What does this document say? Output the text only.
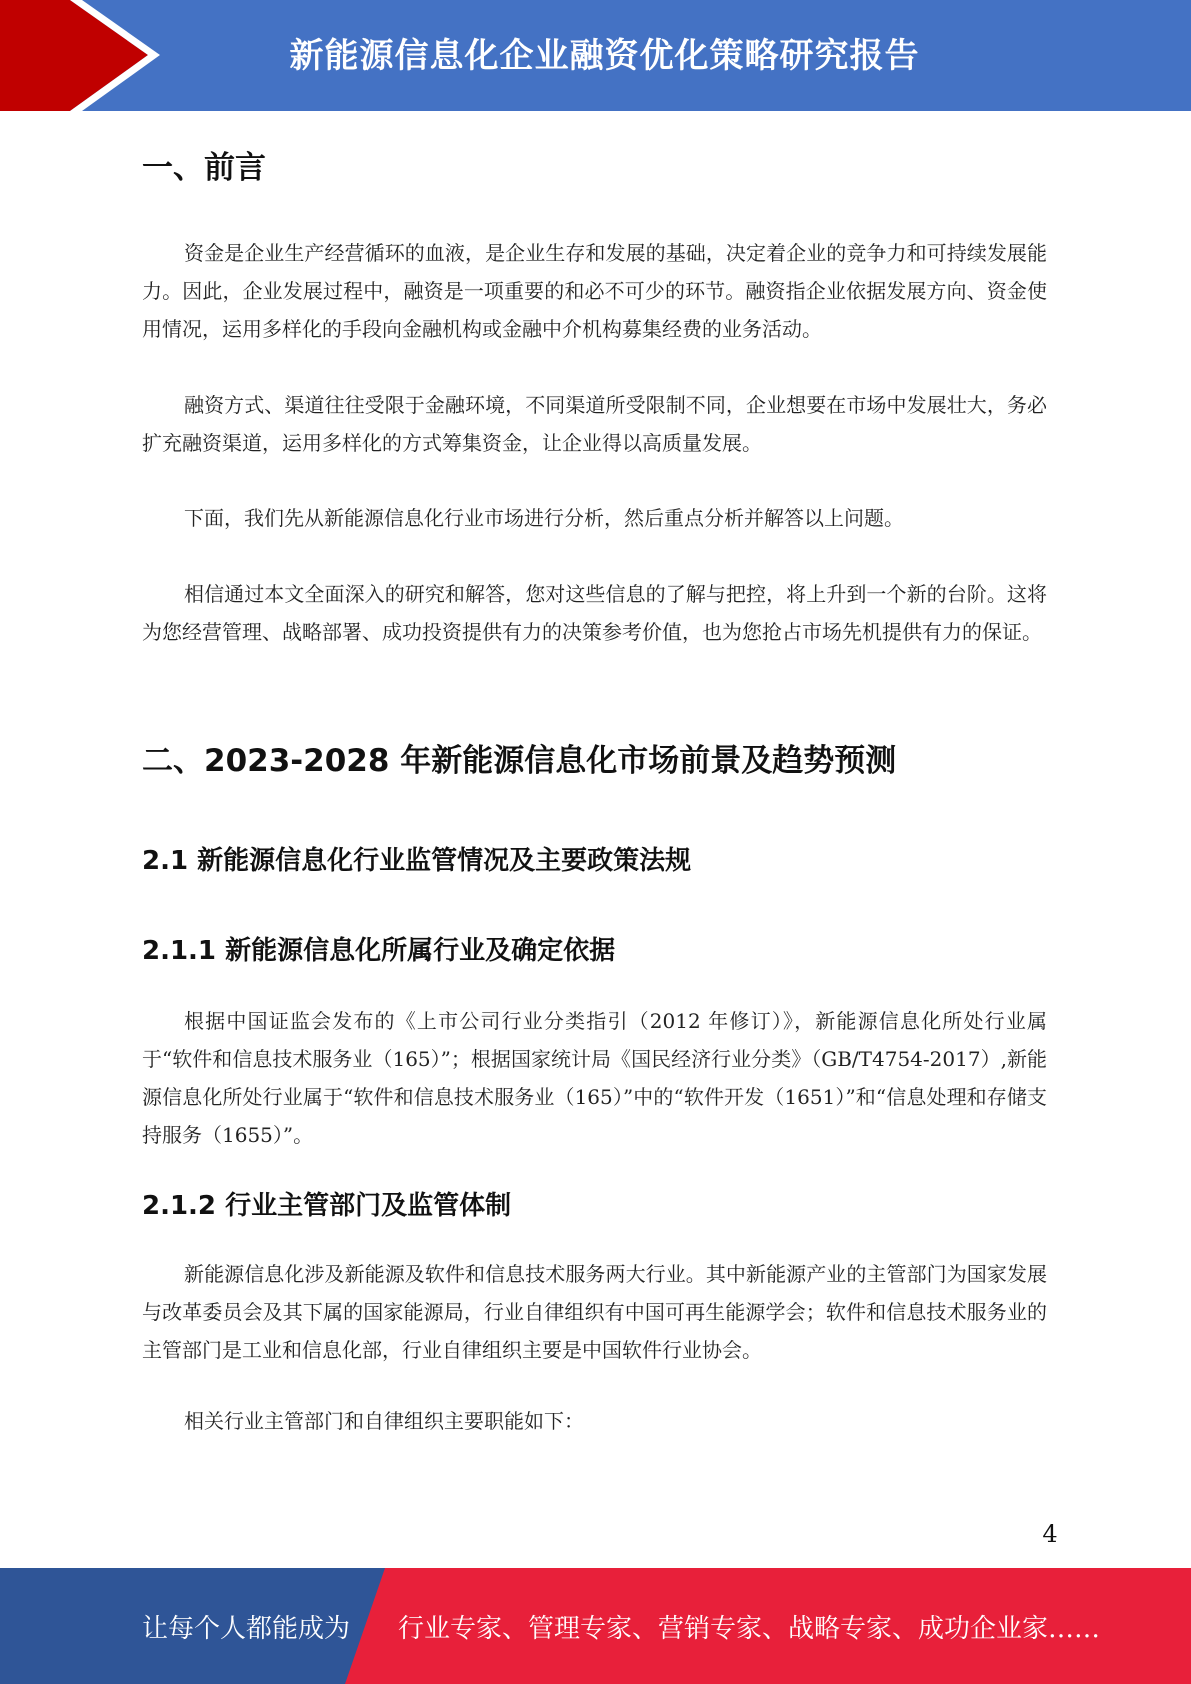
新能源信息化企业融资优化策略研究报告
一、前言

资金是企业生产经营循环的血液，是企业生存和发展的基础，决定着企业的竞争力和可持续发展能力。因此，企业发展过程中，融资是一项重要的和必不可少的环节。融资指企业依据发展方向、资金使用情况，运用多样化的手段向金融机构或金融中介机构募集经费的业务活动。

融资方式、渠道往往受限于金融环境，不同渠道所受限制不同，企业想要在市场中发展壮大，务必扩充融资渠道，运用多样化的方式筹集资金，让企业得以高质量发展。

下面，我们先从新能源信息化行业市场进行分析，然后重点分析并解答以上问题。

相信通过本文全面深入的研究和解答，您对这些信息的了解与把控，将上升到一个新的台阶。这将为您经营管理、战略部署、成功投资提供有力的决策参考价值，也为您抢占市场先机提供有力的保证。

二、2023-2028 年新能源信息化市场前景及趋势预测
2.1 新能源信息化行业监管情况及主要政策法规
2.1.1 新能源信息化所属行业及确定依据

根据中国证监会发布的《上市公司行业分类指引（2012 年修订）》，新能源信息化所处行业属于“软件和信息技术服务业（165）”；根据国家统计局《国民经济行业分类》（GB/T4754-2017）,新能源信息化所处行业属于“软件和信息技术服务业（165）”中的“软件开发（1651）”和“信息处理和存储支持服务（1655）”。

2.1.2 行业主管部门及监管体制

新能源信息化涉及新能源及软件和信息技术服务两大行业。其中新能源产业的主管部门为国家发展与改革委员会及其下属的国家能源局，行业自律组织有中国可再生能源学会；软件和信息技术服务业的主管部门是工业和信息化部，行业自律组织主要是中国软件行业协会。

相关行业主管部门和自律组织主要职能如下：

4
让每个人都能成为 行业专家、管理专家、营销专家、战略专家、成功企业家……
